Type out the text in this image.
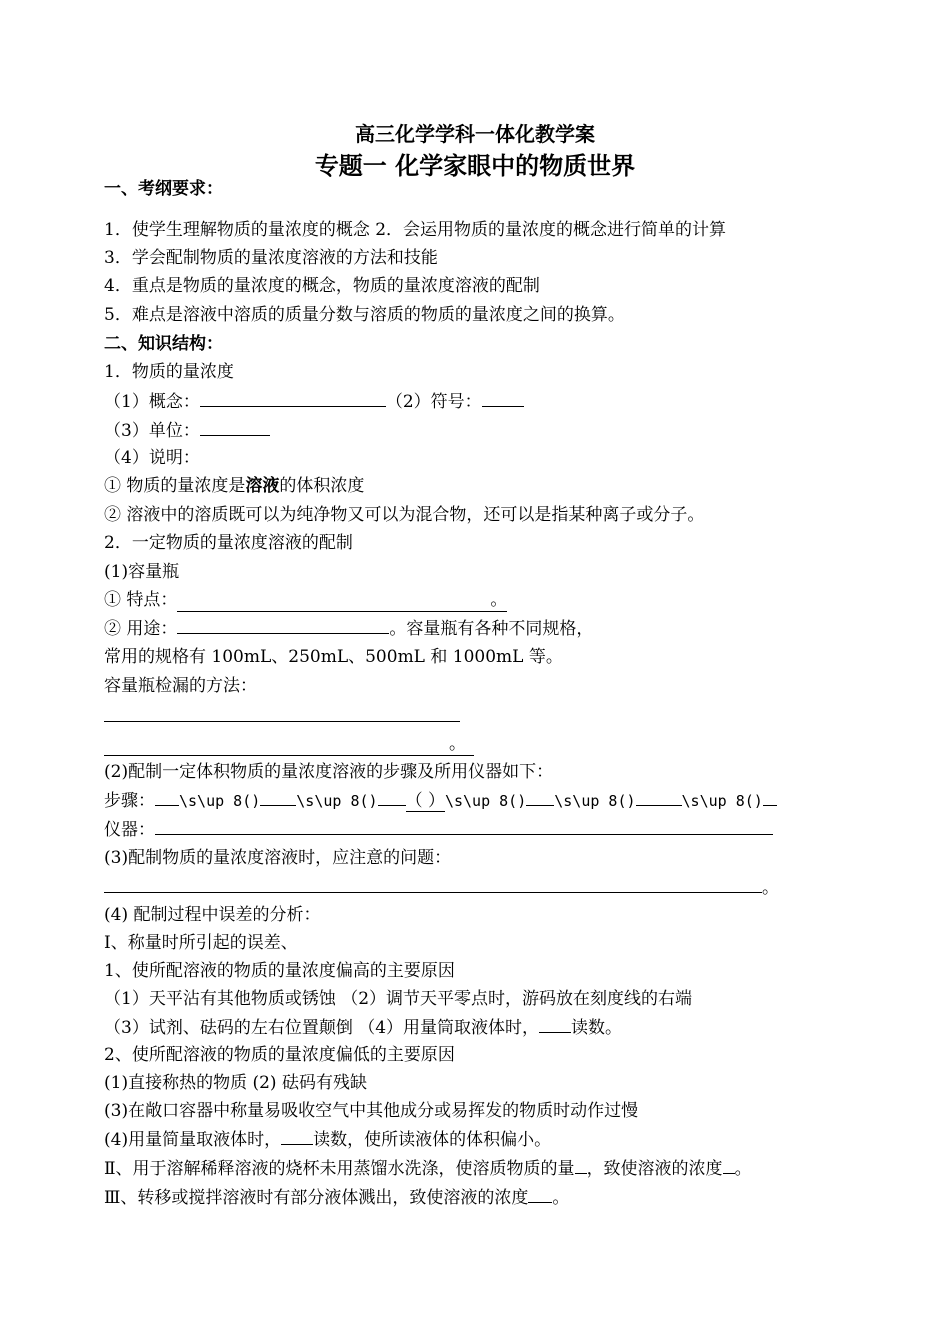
高三化学学科一体化教学案
专题一 化学家眼中的物质世界
一、考纲要求：
1．使学生理解物质的量浓度的概念 2．会运用物质的量浓度的概念进行简单的计算
3．学会配制物质的量浓度溶液的方法和技能
4．重点是物质的量浓度的概念，物质的量浓度溶液的配制
5．难点是溶液中溶质的质量分数与溶质的物质的量浓度之间的换算。
二、知识结构：
1．物质的量浓度
（1）概念：	（2）符号：
（3）单位：
（4）说明：
① 物质的量浓度是溶液的体积浓度
② 溶液中的溶质既可以为纯净物又可以为混合物，还可以是指某种离子或分子。
2．一定物质的量浓度溶液的配制
(1)容量瓶
① 特点：	。

② 用途：	。容量瓶有各种不同规格，
常用的规格有 100mL、250mL、500mL 和 1000mL 等。
容量瓶检漏的方法：
。

(2)配制一定体积物质的量浓度溶液的步骤及所用仪器如下：
步骤： \s\up 8() \s\up 8() （ ）\s\up 8() \s\up 8()	\s\up 8()
仪器：
(3)配制物质的量浓度溶液时，应注意的问题：
。
(4) 配制过程中误差的分析：
Ⅰ、称量时所引起的误差、
1、使所配溶液的物质的量浓度偏高的主要原因
（1）天平沾有其他物质或锈蚀 （2）调节天平零点时，游码放在刻度线的右端
（3）试剂、砝码的左右位置颠倒 （4）用量筒取液体时， 读数。
2、使所配溶液的物质的量浓度偏低的主要原因
(1)直接称热的物质 (2) 砝码有残缺
(3)在敞口容器中称量易吸收空气中其他成分或易挥发的物质时动作过慢
(4)用量简量取液体时， 读数，使所读液体的体积偏小。
Ⅱ、用于溶解稀释溶液的烧杯未用蒸馏水洗涤，使溶质物质的量 ，致使溶液的浓度 。
Ⅲ、转移或搅拌溶液时有部分液体溅出，致使溶液的浓度 。
